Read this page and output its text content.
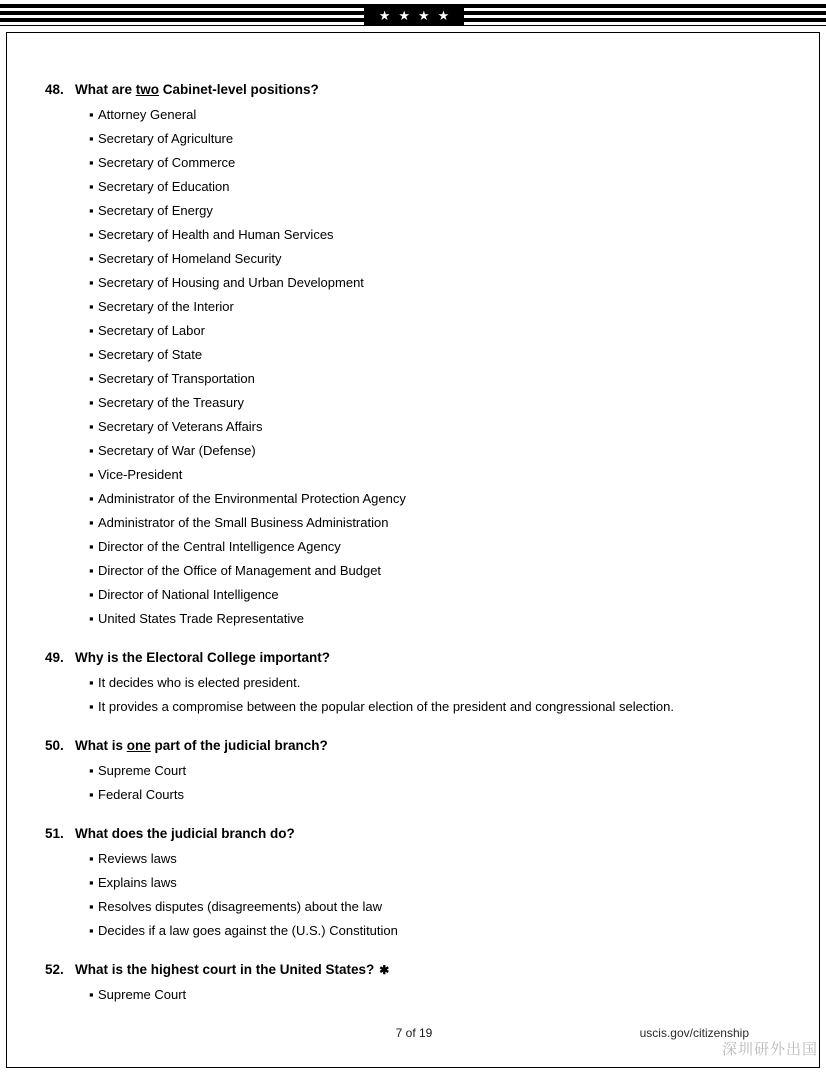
★ ★ ★ ★
48. What are two Cabinet-level positions?
▪ Attorney General
▪ Secretary of Agriculture
▪ Secretary of Commerce
▪ Secretary of Education
▪ Secretary of Energy
▪ Secretary of Health and Human Services
▪ Secretary of Homeland Security
▪ Secretary of Housing and Urban Development
▪ Secretary of the Interior
▪ Secretary of Labor
▪ Secretary of State
▪ Secretary of Transportation
▪ Secretary of the Treasury
▪ Secretary of Veterans Affairs
▪ Secretary of War (Defense)
▪ Vice-President
▪ Administrator of the Environmental Protection Agency
▪ Administrator of the Small Business Administration
▪ Director of the Central Intelligence Agency
▪ Director of the Office of Management and Budget
▪ Director of National Intelligence
▪ United States Trade Representative
49. Why is the Electoral College important?
▪ It decides who is elected president.
▪ It provides a compromise between the popular election of the president and congressional selection.
50. What is one part of the judicial branch?
▪ Supreme Court
▪ Federal Courts
51. What does the judicial branch do?
▪ Reviews laws
▪ Explains laws
▪ Resolves disputes (disagreements) about the law
▪ Decides if a law goes against the (U.S.) Constitution
52. What is the highest court in the United States? ✱
▪ Supreme Court
7 of 19	uscis.gov/citizenship
深圳研外出国
